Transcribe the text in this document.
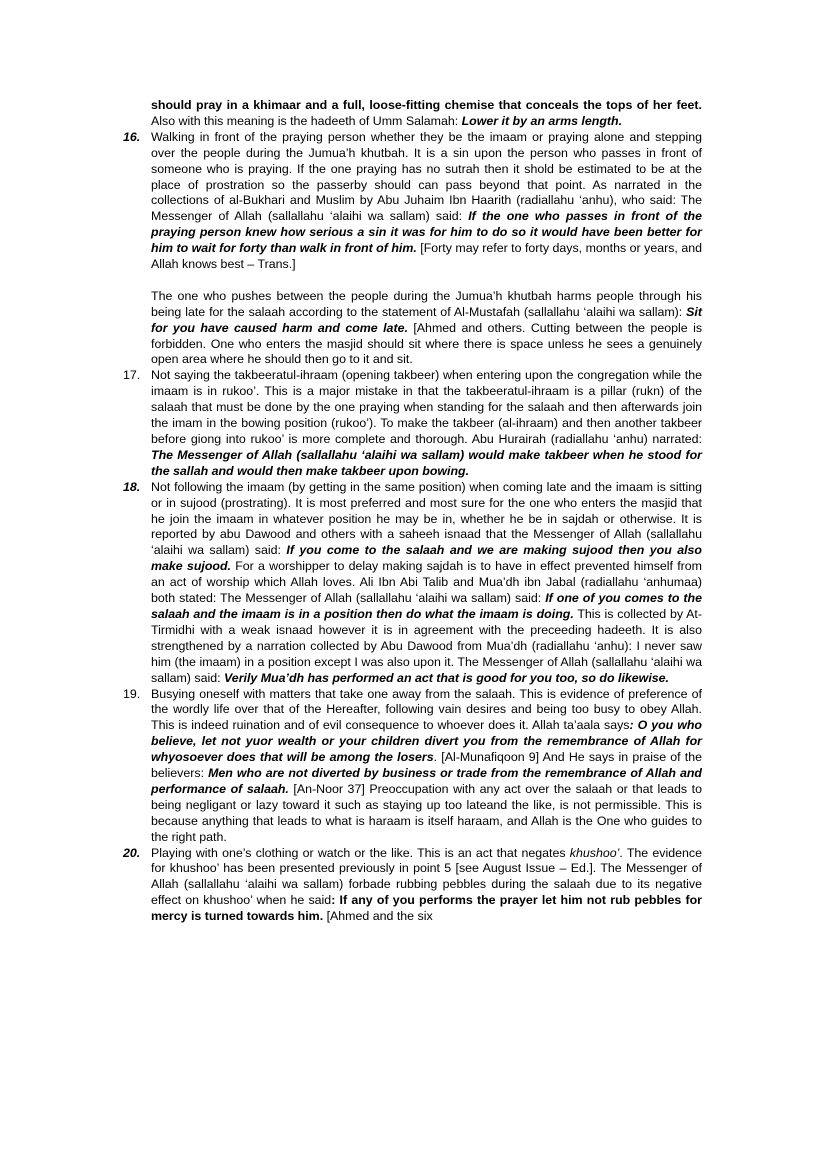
should pray in a khimaar and a full, loose-fitting chemise that conceals the tops of her feet. Also with this meaning is the hadeeth of Umm Salamah: Lower it by an arms length.
16. Walking in front of the praying person whether they be the imaam or praying alone and stepping over the people during the Jumua’h khutbah. It is a sin upon the person who passes in front of someone who is praying. If the one praying has no sutrah then it shold be estimated to be at the place of prostration so the passerby should can pass beyond that point. As narrated in the collections of al-Bukhari and Muslim by Abu Juhaim Ibn Haarith (radiallahu ‘anhu), who said: The Messenger of Allah (sallallahu ‘alaihi wa sallam) said: If the one who passes in front of the praying person knew how serious a sin it was for him to do so it would have been better for him to wait for forty than walk in front of him. [Forty may refer to forty days, months or years, and Allah knows best – Trans.]
The one who pushes between the people during the Jumua’h khutbah harms people through his being late for the salaah according to the statement of Al-Mustafah (sallallahu ‘alaihi wa sallam): Sit for you have caused harm and come late. [Ahmed and others. Cutting between the people is forbidden. One who enters the masjid should sit where there is space unless he sees a genuinely open area where he should then go to it and sit.
17. Not saying the takbeeratul-ihraam (opening takbeer) when entering upon the congregation while the imaam is in rukoo’. This is a major mistake in that the takbeeratul-ihraam is a pillar (rukn) of the salaah that must be done by the one praying when standing for the salaah and then afterwards join the imam in the bowing position (rukoo’). To make the takbeer (al-ihraam) and then another takbeer before giong into rukoo’ is more complete and thorough. Abu Hurairah (radiallahu ‘anhu) narrated: The Messenger of Allah (sallallahu ‘alaihi wa sallam) would make takbeer when he stood for the sallah and would then make takbeer upon bowing.
18. Not following the imaam (by getting in the same position) when coming late and the imaam is sitting or in sujood (prostrating). It is most preferred and most sure for the one who enters the masjid that he join the imaam in whatever position he may be in, whether he be in sajdah or otherwise. It is reported by abu Dawood and others with a saheeh isnaad that the Messenger of Allah (sallallahu ‘alaihi wa sallam) said: If you come to the salaah and we are making sujood then you also make sujood. For a worshipper to delay making sajdah is to have in effect prevented himself from an act of worship which Allah loves. Ali Ibn Abi Talib and Mua’dh ibn Jabal (radiallahu ‘anhumaa) both stated: The Messenger of Allah (sallallahu ‘alaihi wa sallam) said: If one of you comes to the salaah and the imaam is in a position then do what the imaam is doing. This is collected by At-Tirmidhi with a weak isnaad however it is in agreement with the preceeding hadeeth. It is also strengthened by a narration collected by Abu Dawood from Mua’dh (radiallahu ‘anhu): I never saw him (the imaam) in a position except I was also upon it. The Messenger of Allah (sallallahu ‘alaihi wa sallam) said: Verily Mua’dh has performed an act that is good for you too, so do likewise.
19. Busying oneself with matters that take one away from the salaah. This is evidence of preference of the wordly life over that of the Hereafter, following vain desires and being too busy to obey Allah. This is indeed ruination and of evil consequence to whoever does it. Allah ta’aala says: O you who believe, let not yuor wealth or your children divert you from the remembrance of Allah for whyosoever does that will be among the losers. [Al-Munafiqoon 9] And He says in praise of the believers: Men who are not diverted by business or trade from the remembrance of Allah and performance of salaah. [An-Noor 37] Preoccupation with any act over the salaah or that leads to being negligant or lazy toward it such as staying up too lateand the like, is not permissible. This is because anything that leads to what is haraam is itself haraam, and Allah is the One who guides to the right path.
20. Playing with one’s clothing or watch or the like. This is an act that negates khushoo’. The evidence for khushoo’ has been presented previously in point 5 [see August Issue – Ed.]. The Messenger of Allah (sallallahu ‘alaihi wa sallam) forbade rubbing pebbles during the salaah due to its negative effect on khushoo’ when he said: If any of you performs the prayer let him not rub pebbles for mercy is turned towards him. [Ahmed and the six
